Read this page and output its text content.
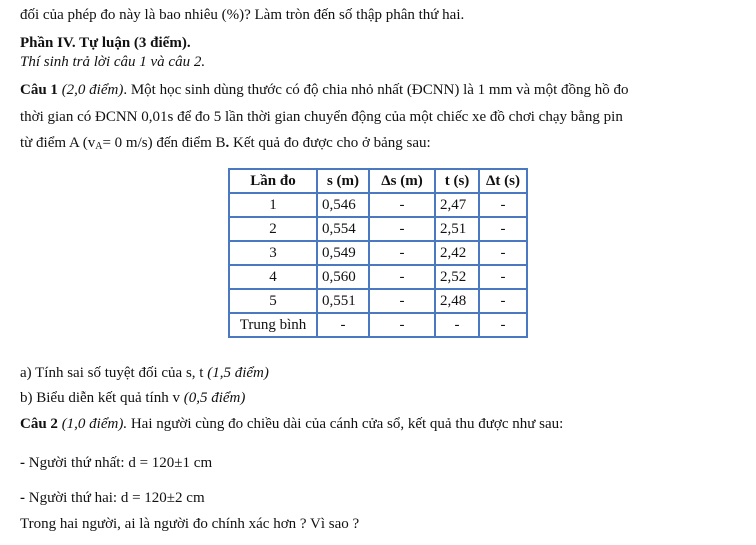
đối của phép đo này là bao nhiêu (%)? Làm tròn đến số thập phân thứ hai.
Phần IV. Tự luận (3 điểm).
Thí sinh trả lời câu 1 và câu 2.
Câu 1 (2,0 điểm). Một học sinh dùng thước có độ chia nhỏ nhất (ĐCNN) là 1 mm và một đồng hồ đo
thời gian có ĐCNN 0,01s để đo 5 lần thời gian chuyển động của một chiếc xe đồ chơi chạy bằng pin
từ điểm A ($v_A= 0$ m/s) đến điểm B. Kết quả đo được cho ở bảng sau:
Lần đo	s (m)	Δs (m)	t (s)	Δt (s)
1	0,546	-	2,47	-
2	0,554	-	2,51	-
3	0,549	-	2,42	-
4	0,560	-	2,52	-
5	0,551	-	2,48	-
Trung bình	-	-	-	-
a) Tính sai số tuyệt đối của s, t (1,5 điểm)
b) Biểu diễn kết quả tính v (0,5 điểm)
Câu 2 (1,0 điểm). Hai người cùng đo chiều dài của cánh cửa sổ, kết quả thu được như sau:
- Người thứ nhất: d = 120±1 cm
- Người thứ hai: d = 120±2 cm
Trong hai người, ai là người đo chính xác hơn ? Vì sao ?
